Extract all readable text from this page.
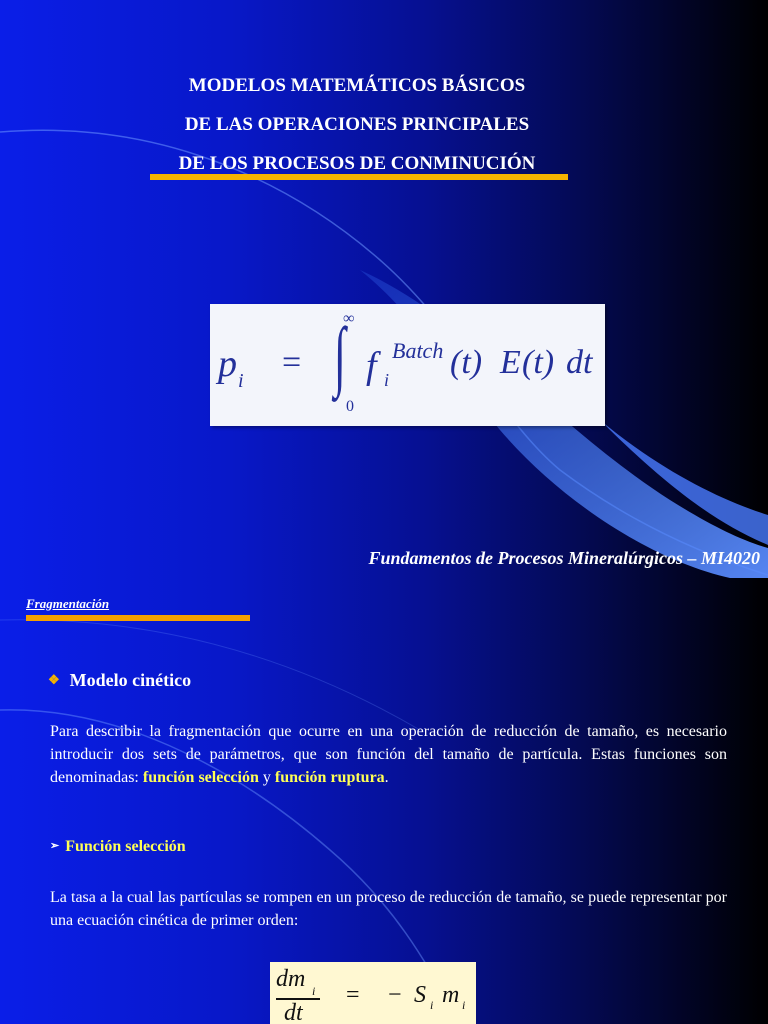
MODELOS MATEMÁTICOS BÁSICOS
DE LAS OPERACIONES PRINCIPALES
DE LOS PROCESOS DE CONMINUCIÓN
p i =
∞
∫
0
f i
Batch (t) E (t) dt
Fundamentos de Procesos Mineralúrgicos – MI4020
Fragmentación
❖ Modelo cinético
Para describir la fragmentación que ocurre en una operación de reducción de tamaño, es necesario introducir dos sets de parámetros, que son función del tamaño de partícula. Estas funciones son denominadas: función selección y función ruptura.
➢ Función selección
La tasa a la cual las partículas se rompen en un proceso de reducción de tamaño, se puede representar por una ecuación cinética de primer orden:
dm i
dt
= − S i m i
